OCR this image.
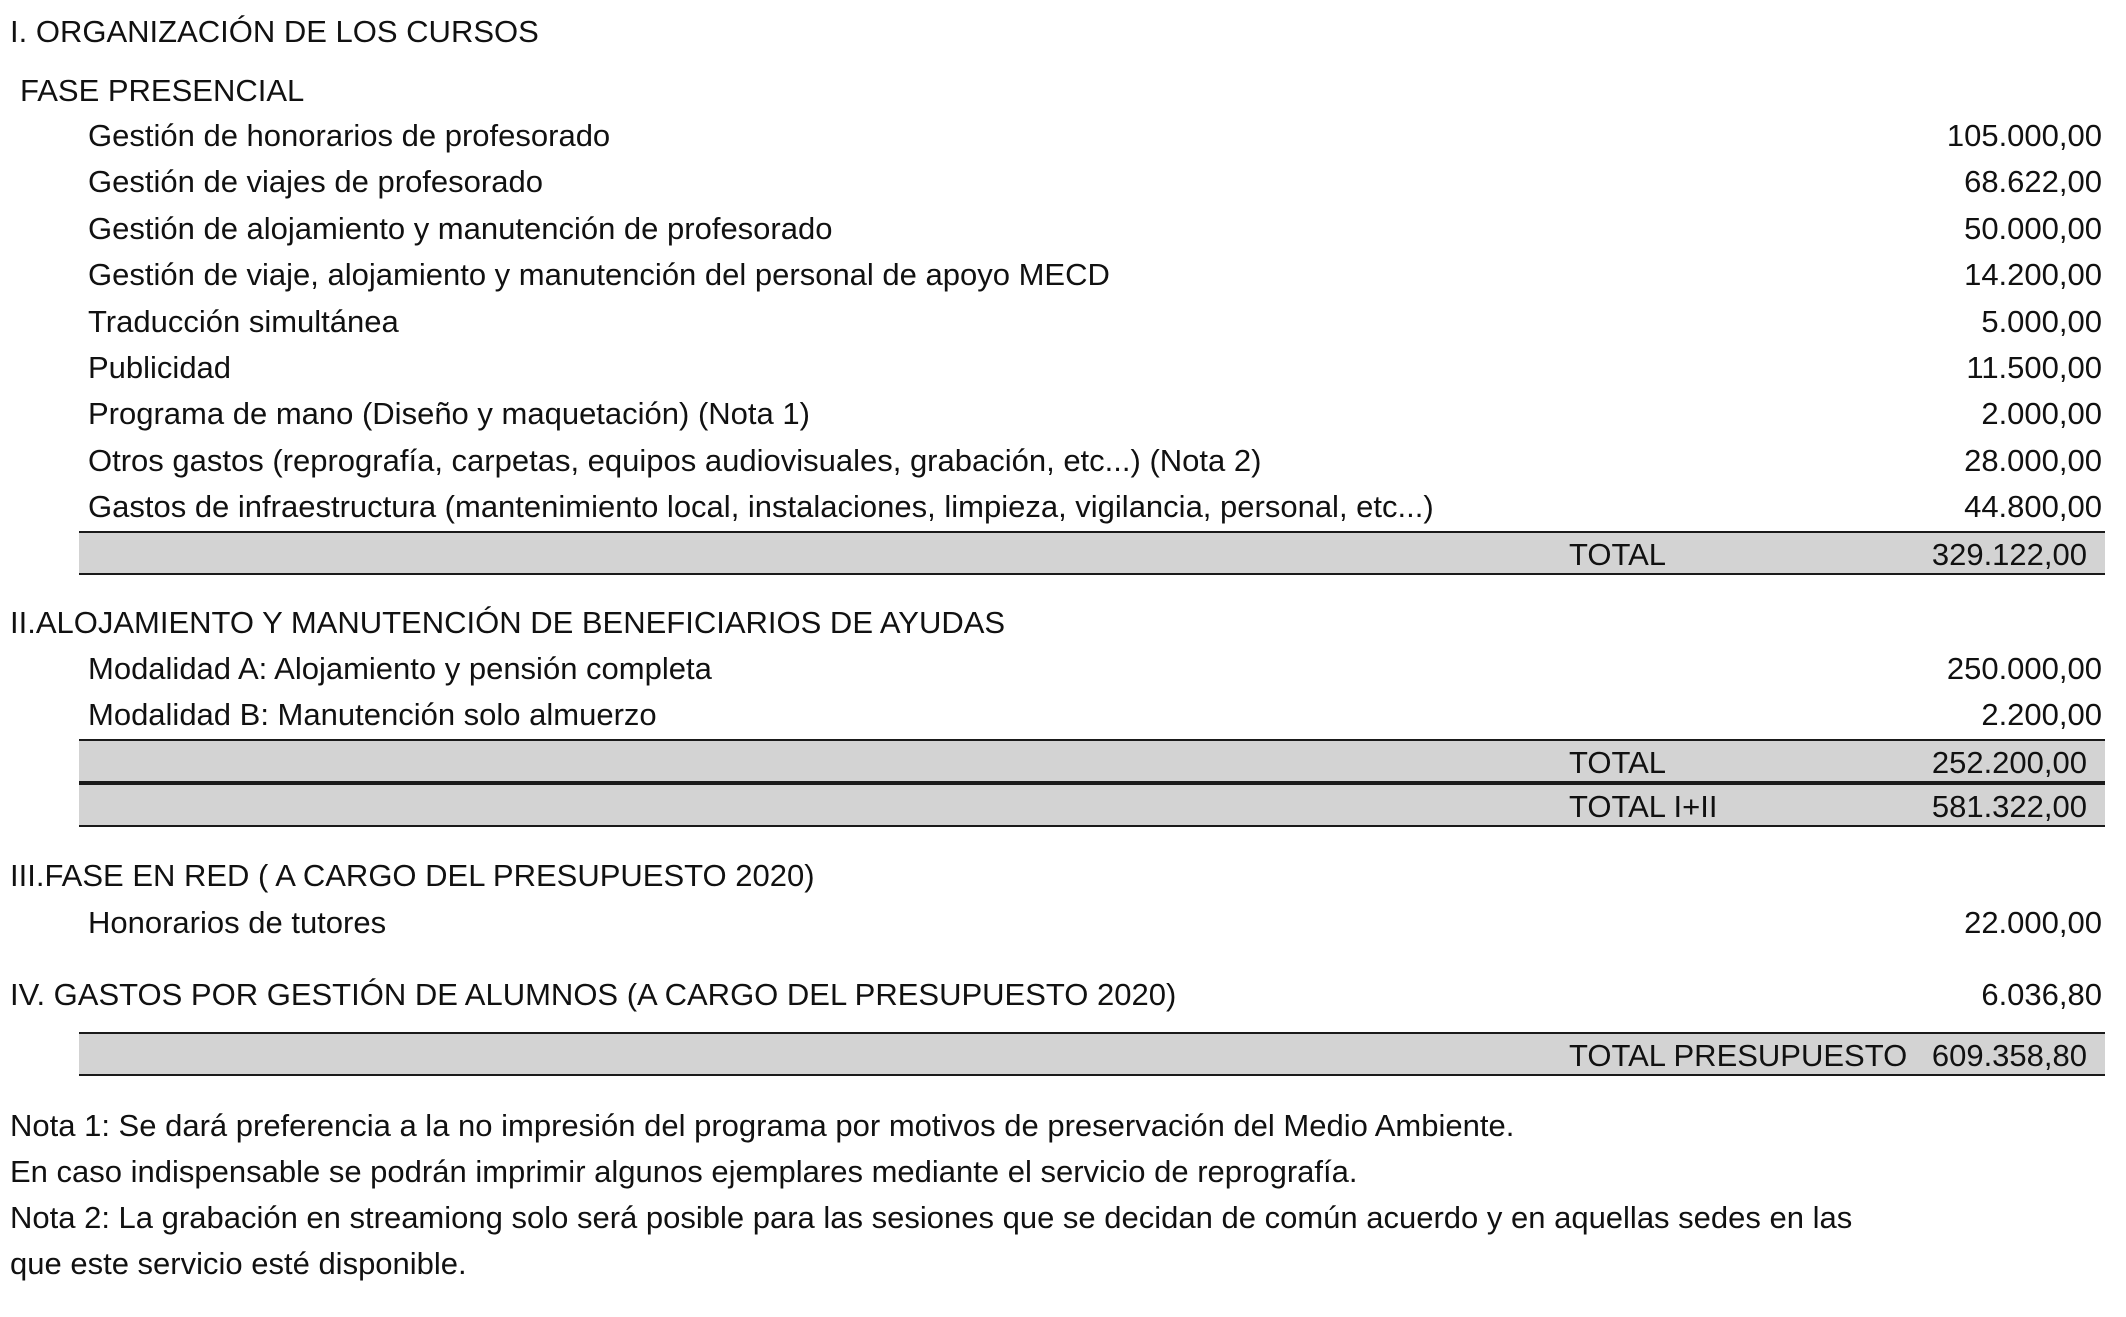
I. ORGANIZACIÓN DE LOS CURSOS
FASE PRESENCIAL
Gestión de honorarios de profesorado	105.000,00
Gestión de viajes de profesorado	68.622,00
Gestión de alojamiento y manutención de profesorado	50.000,00
Gestión de viaje, alojamiento y manutención del personal de apoyo MECD	14.200,00
Traducción simultánea	5.000,00
Publicidad	11.500,00
Programa de mano (Diseño y maquetación) (Nota 1)	2.000,00
Otros gastos (reprografía, carpetas, equipos audiovisuales, grabación, etc...) (Nota 2)	28.000,00
Gastos de infraestructura (mantenimiento local, instalaciones, limpieza, vigilancia, personal, etc...)	44.800,00
TOTAL	329.122,00
II.ALOJAMIENTO Y MANUTENCIÓN DE BENEFICIARIOS DE AYUDAS
Modalidad A: Alojamiento y pensión completa	250.000,00
Modalidad B: Manutención solo almuerzo	2.200,00
TOTAL	252.200,00
TOTAL I+II	581.322,00
III.FASE EN RED ( A CARGO DEL PRESUPUESTO 2020)
Honorarios de tutores	22.000,00
IV. GASTOS POR GESTIÓN DE ALUMNOS (A CARGO DEL PRESUPUESTO 2020)	6.036,80
TOTAL PRESUPUESTO 609.358,80
Nota 1: Se dará preferencia a la no impresión del programa por motivos de preservación del Medio Ambiente.
En caso indispensable se podrán imprimir algunos ejemplares mediante el servicio de reprografía.
Nota 2: La grabación en streamiong solo será posible para las sesiones que se decidan de común acuerdo y en aquellas sedes en las
que este servicio esté disponible.
